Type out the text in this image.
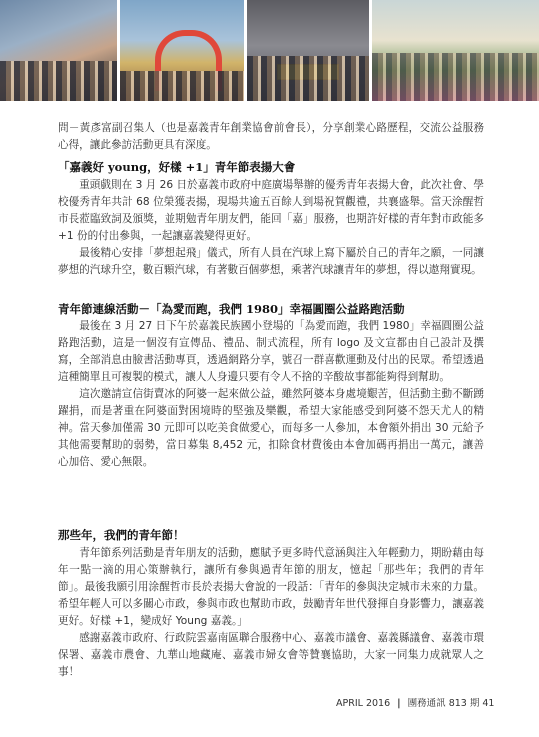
問－黃彥富副召集人（也是嘉義青年創業協會前會長），分享創業心路歷程，交流公益服務心得，讓此參訪活動更具有深度。

「嘉義好 young，好樣 +1」青年節表揚大會

重頭戲則在 3 月 26 日於嘉義市政府中庭廣場舉辦的優秀青年表揚大會，此次社會、學校優秀青年共計 68 位榮獲表揚，現場共逾五百餘人到場祝賀觀禮，共襄盛舉。當天涂醒哲市長蒞臨致詞及頒獎，並期勉青年朋友們，能回「嘉」服務，也期許好樣的青年對市政能多 +1 份的付出參與，一起讓嘉義變得更好。

最後精心安排「夢想起飛」儀式，所有人員在汽球上寫下屬於自己的青年之願，一同讓夢想的汽球升空，數百顆汽球，有著數百個夢想，乘著汽球讓青年的夢想，得以遨翔實現。

青年節連線活動－「為愛而跑，我們 1980」幸福圓圈公益路跑活動

最後在 3 月 27 日下午於嘉義民族國小登場的「為愛而跑，我們 1980」幸福圓圈公益路跑活動，這是一個沒有宣傳品、禮品、制式流程，所有 logo 及文宣都由自己設計及撰寫，全部消息由臉書活動專頁，透過網路分享，號召一群喜歡運動及付出的民眾。希望透過這種簡單且可複製的模式，讓人人身邊只要有令人不捨的辛酸故事都能夠得到幫助。

這次邀請宣信街賣冰的阿婆一起來做公益，雖然阿婆本身處境艱苦，但活動主動不斷踴躍捐，而是著重在阿婆面對困境時的堅強及樂觀，希望大家能感受到阿婆不怨天尤人的精神。當天參加僅需 30 元即可以吃美食做愛心，而每多一人參加，本會額外捐出 30 元給予其他需要幫助的弱勢，當日募集 8,452 元，扣除食材費後由本會加碼再捐出一萬元，讓善心加倍、愛心無限。

那些年，我們的青年節！

青年節系列活動是青年朋友的活動，應賦予更多時代意涵與注入年輕動力，期盼藉由每年一點一滴的用心策辦執行，讓所有參與過青年節的朋友，憶起「那些年；我們的青年節」。最後我願引用涂醒哲市長於表揚大會說的一段話：「青年的參與決定城市未來的力量。希望年輕人可以多關心市政，參與市政也幫助市政，鼓勵青年世代發揮自身影響力，讓嘉義更好。好樣 +1，變成好 Young 嘉義。」

感謝嘉義市政府、行政院雲嘉南區聯合服務中心、嘉義市議會、嘉義縣議會、嘉義市環保署、嘉義市農會、九華山地藏庵、嘉義市婦女會等贊襄協助，大家一同集力成就眾人之事！

APRIL 2016 | 團務通訊 813 期 41
